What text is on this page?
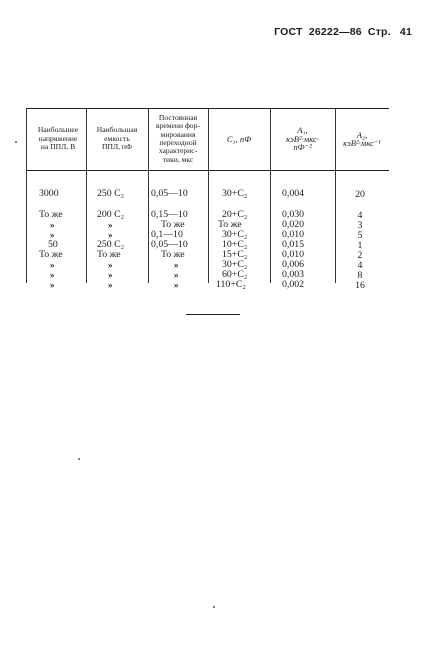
ГОСТ 26222—86 Стр. 41
Наибольшее
напряжение
на ППЛ, В
Наибольшая
емкость
ППЛ, пФ
Постоянная
времени фор-
мирования
переходной
характерис-
тики, мкс
C₃, пФ
A₁,
кэВ²·мкс·
пФ⁻²
A₂,
кэВ²·мкс⁻¹
3000
То же
»
»
50
То же
»
»
»
250 C₂
200 C₂
»
»
250 C₂
То же
»
»
»
0,05—10
0,15—10
То же
0,1—10
0,05—10
То же
»
»
»
30+C₂
20+C₂
То же
30+C₂
10+C₂
15+C₂
30+C₂
60+C₂
110+C₂
0,004
0,030
0,020
0,010
0,015
0,010
0,006
0,003
0,002
20
4
3
5
1
2
4
8
16
